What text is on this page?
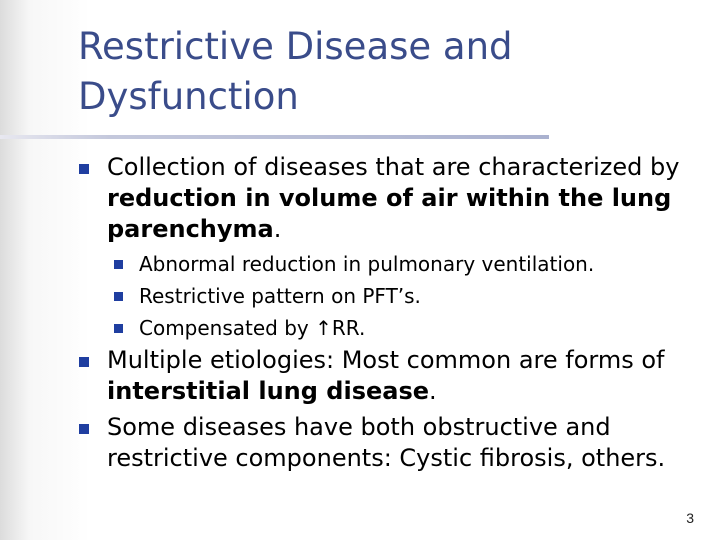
Restrictive Disease and Dysfunction

Collection of diseases that are characterized by reduction in volume of air within the lung parenchyma.

Abnormal reduction in pulmonary ventilation.

Restrictive pattern on PFT’s.

Compensated by ↑RR.

Multiple etiologies: Most common are forms of interstitial lung disease.

Some diseases have both obstructive and restrictive components: Cystic fibrosis, others.

3
